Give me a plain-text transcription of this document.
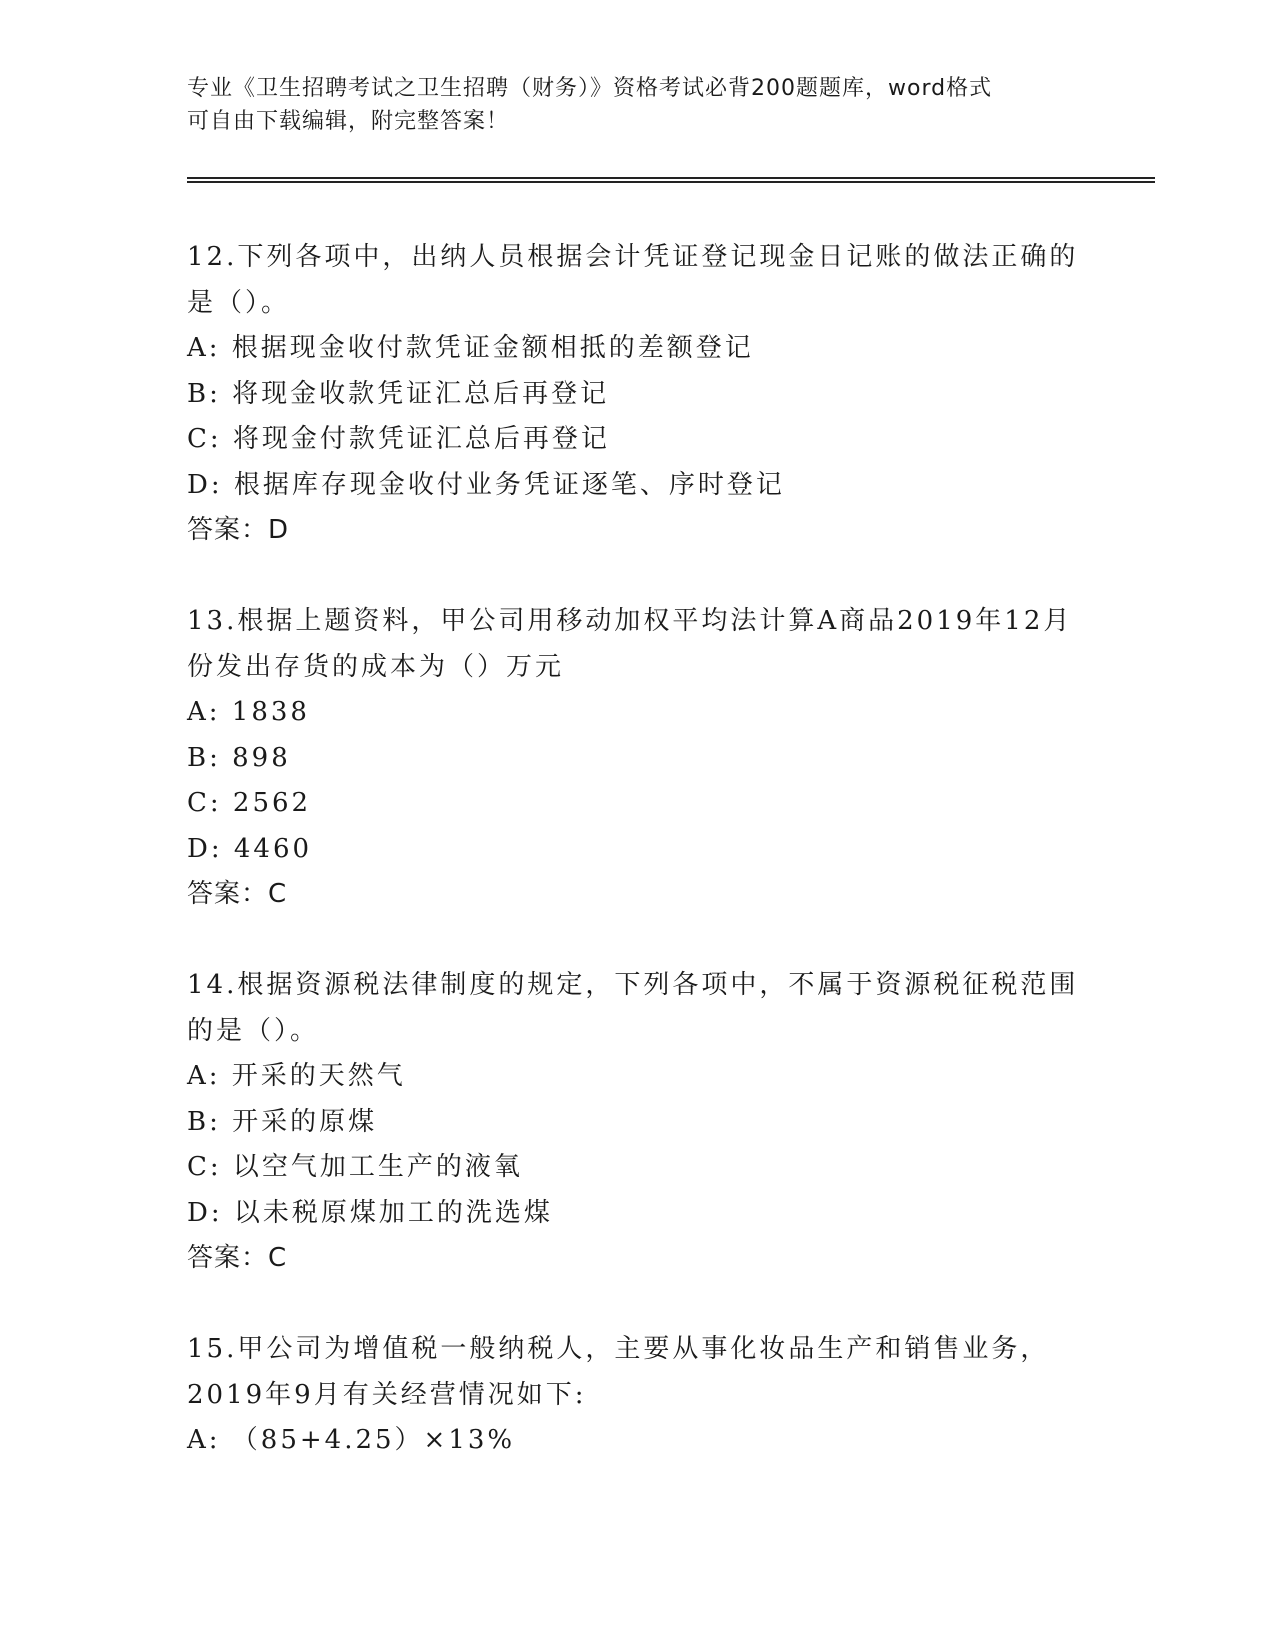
专业《卫生招聘考试之卫生招聘（财务）》资格考试必背200题题库，word格式
可自由下载编辑，附完整答案！

12.下列各项中，出纳人员根据会计凭证登记现金日记账的做法正确的是（）。

A: 根据现金收付款凭证金额相抵的差额登记

B: 将现金收款凭证汇总后再登记

C: 将现金付款凭证汇总后再登记

D: 根据库存现金收付业务凭证逐笔、序时登记

答案：D

13.根据上题资料，甲公司用移动加权平均法计算A商品2019年12月份发出存货的成本为（）万元

A: 1838

B: 898

C: 2562

D: 4460

答案：C

14.根据资源税法律制度的规定，下列各项中，不属于资源税征税范围的是（）。

A: 开采的天然气

B: 开采的原煤

C: 以空气加工生产的液氧

D: 以未税原煤加工的洗选煤

答案：C

15.甲公司为增值税一般纳税人，主要从事化妆品生产和销售业务，2019年9月有关经营情况如下:

A: （85+4.25）×13%
